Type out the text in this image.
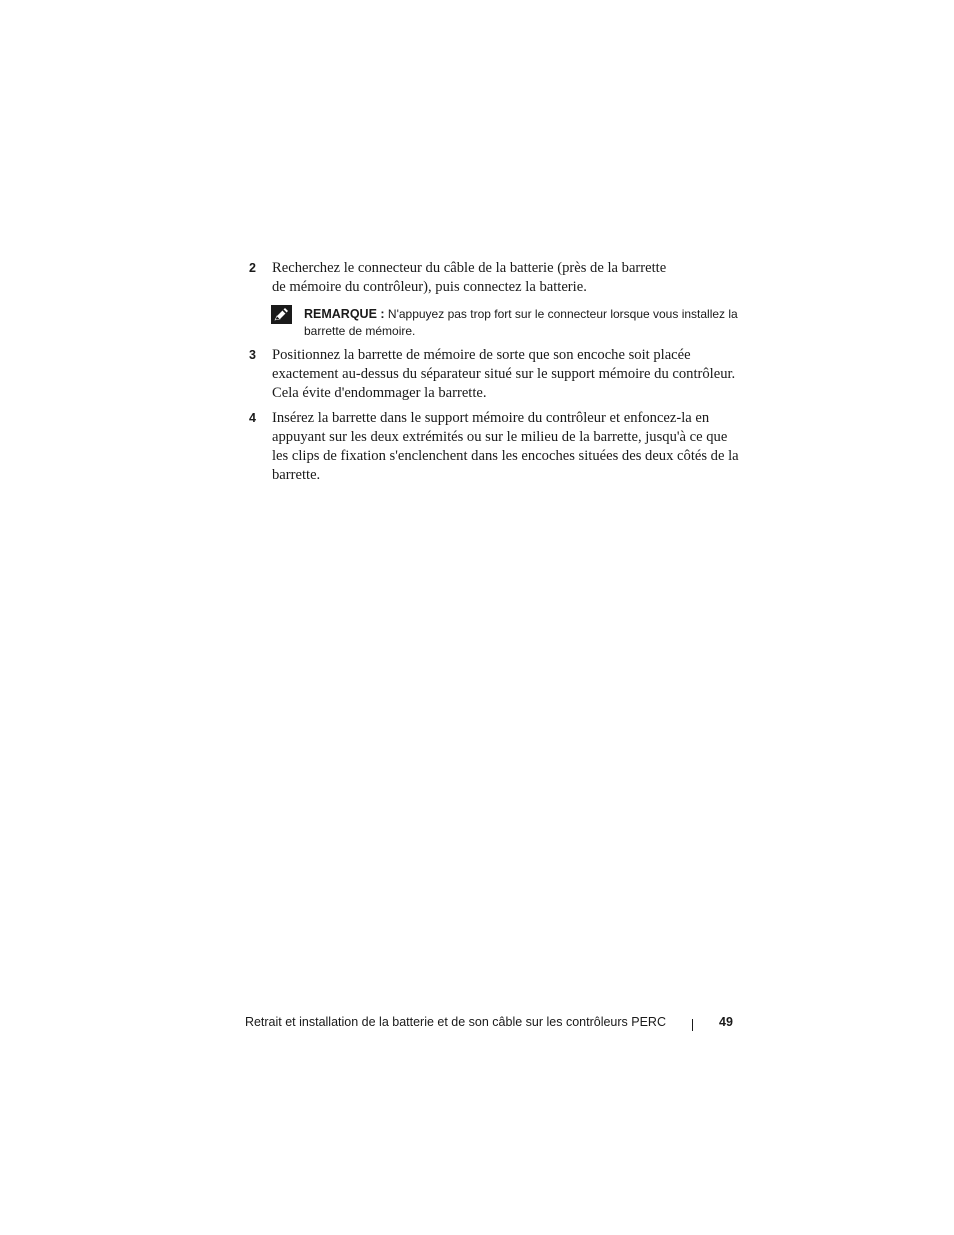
2 Recherchez le connecteur du câble de la batterie (près de la barrette de mémoire du contrôleur), puis connectez la batterie.
REMARQUE : N'appuyez pas trop fort sur le connecteur lorsque vous installez la barrette de mémoire.
3 Positionnez la barrette de mémoire de sorte que son encoche soit placée exactement au-dessus du séparateur situé sur le support mémoire du contrôleur. Cela évite d'endommager la barrette.
4 Insérez la barrette dans le support mémoire du contrôleur et enfoncez-la en appuyant sur les deux extrémités ou sur le milieu de la barrette, jusqu'à ce que les clips de fixation s'enclenchent dans les encoches situées des deux côtés de la barrette.
Retrait et installation de la batterie et de son câble sur les contrôleurs PERC	49
